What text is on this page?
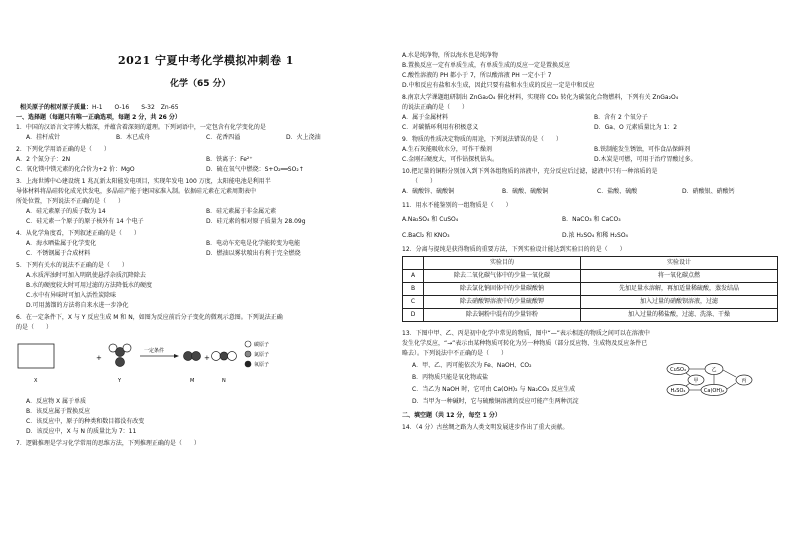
2021 宁夏中考化学模拟冲刺卷 1
化学（65 分）
相关原子的相对原子质量：H-1　　O-16　　S-32　Zn-65
一、选择题（每题只有唯一正确选项，每题 2 分，共 26 分）
1．中国的汉语言文字博大精深，并蕴含着深刻的道理。下列词语中，一定包含有化学变化的是
A．挂杆成针	B．木已成舟	C．花香四溢	D．火上浇油
2．下列化学用语正确的是（　　）
A．2 个氮分子：2N	B．铁离子：Fe²⁺
C．氧化镁中镁元素的化合价为+2 价：MgO	D．硫在氧气中燃烧：S+O₂══SO₂↑
3．上海世博中心建设统 1 兆瓦新太阳能发电项目，实现年发电 100 万度，太阳能电池是利用半
导体材料将晶硅转化成光伏发电，多晶硅产能于建国家准入制。依据硅元素在元素周期表中
所处位置，下列说法不正确的是（　　）
A．硅元素原子的质子数为 14	B．硅元素属于非金属元素
C．硅元素一个原子的原子核外有 14 个电子	D．硅元素的相对原子质量为 28.09g
4．从化学角度看，下列叙述正确的是（　　）
A．海水晒盐属于化学变化	B．电动车充电是化学能转变为电能
C．不锈钢属于合成材料	D．燃油以雾状喷出有利于完全燃烧
5．下列有关水的说法不正确的是（　　）
A.水质浑浊时可加入明矾使悬浮杂质沉降除去
B.水的硬度较大时可用过滤的方法降低水的硬度
C.水中有异味时可加入活性炭除味
D.可用蒸馏的方法将自来水进一步净化
6．在一定条件下，X 与 Y 反应生成 M 和 N，如图为反应前后分子变化的微观示意图。下列说法正确
的是（　　）
+
一定条件
+
碳原子
氮原子
氧原子
X	Y	M	N
A．反应物 X 属于单质
B．该反应属于置换反应
C．该反应中，原子的种类和数目都没有改变
D．该反应中，X 与 N 的质量比为 7：11
7．逻辑推理是学习化学常用的思维方法，下列推理正确的是（　　）
A.水是纯净物，所以海水也是纯净物
B.置换反应一定有单质生成，有单质生成的反应一定是置换反应
C.酸性溶液的 PH 都小于 7，所以酸溶液 PH 一定小于 7
D.中和反应有盐和水生成，因此只要有盐和水生成的反应一定是中和反应
8.南京大学课题组研制出 ZnGa₂O₄ 催化材料，实现将 CO₂ 转化为碳氢化合物燃料，下列有关 ZnGa₂O₄
的说法正确的是（　　）
A．属于金属材料	B．含有 2 个氧分子
C．对碳循环利用有积极意义	D．Ga、O 元素质量比为 1：2
9．物质的性质决定物质的用途，下列说法错误的是（　　）
A.生石灰能吸收水分，可作干燥剂	B.铁制能发生锈蚀，可作食品保鲜剂
C.金刚石硬度大，可作钻探机钻头。	D.木炭是可燃，可用于治疗胃酸过多。
10.把足量的铜粉分别加入到下列各组物质的溶液中，充分反应后过滤，滤液中只有一种溶质的是
（　　）
A．硫酸锌、硫酸铜	B．硫酸、硫酸铜	C．盐酸、硫酸	D．硝酸银、硝酸钙
11．用水不能鉴别的一组物质是（　　）
A.Na₂SO₄ 和 CuSO₄	B．NaCO₃ 和 CaCO₃
C.BaCl₂ 和 KNO₃	D.浓 H₂SO₄ 和稀 H₂SO₄
12．分离与提纯是获得物质的重要方法，下列实验设计能达到实验目的的是（　　）
	实验目的	实验设计
A	除去二氧化碳气体中的少量一氧化碳	将一氧化碳点燃
B	除去氯化钠固体中的少量碳酸钠	先加足量水溶解，再加适量稀硫酸，蒸发结晶
C	除去硝酸钾溶液中的少量硫酸钾	加入过量的硝酸钡溶液，过滤
D	除去铜粉中混有的少量锌粉	加入过量的稀盐酸，过滤、洗涤、干燥
13．下图中甲、乙、丙是初中化学中常见的物质，图中“—”表示相连的物质之间可以在溶液中
发生化学反应，“→”表示由某种物质可转化为另一种物质（部分反应物、生成物及反应条件已
略去）。下列说法中不正确的是（　　）
A．甲、乙、丙可能依次为 Fe、NaOH、CO₂
B．丙物质只能是氧化物或盐
C．当乙为 NaOH 时，它可由 Ca(OH)₂ 与 Na₂CO₃ 反应生成
D．当甲为一种碱时，它与硫酸铜溶液的反应可能产生两种沉淀
CuSO₄	乙
甲	丙
H₂SO₄	Ca(OH)₂
二、填空题（共 12 分，每空 1 分）
14．（4 分）古丝绸之路为人类文明发展进步作出了重大贡献。
